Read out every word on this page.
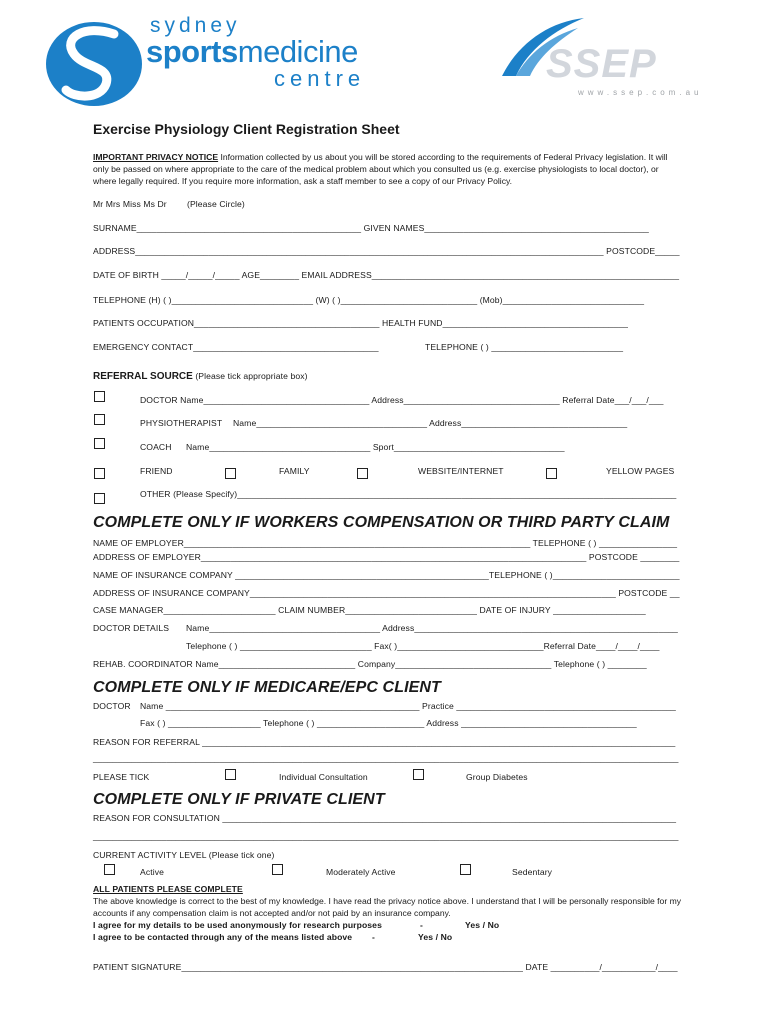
sydney
sportsmedicine
centre	SSEP
www.ssep.com.au
Exercise Physiology Client Registration Sheet
IMPORTANT PRIVACY NOTICE Information collected by us about you will be stored according to the requirements of Federal Privacy legislation. It will only be passed on where appropriate to the care of the medical problem about which you consulted us (e.g. exercise physiologists to local doctor), or where legally required. If you require more information, ask a staff member to see a copy of our Privacy Policy.
Mr Mrs Miss Ms Dr (Please Circle)
SURNAME______________________________________________ GIVEN NAMES______________________________________________
ADDRESS________________________________________________________________________________________________ POSTCODE_____
DATE OF BIRTH _____/_____/_____ AGE________ EMAIL ADDRESS_______________________________________________________________
TELEPHONE (H) ( )_____________________________ (W) ( )____________________________ (Mob)_____________________________
PATIENTS OCCUPATION______________________________________ HEALTH FUND______________________________________
EMERGENCY CONTACT______________________________________	TELEPHONE ( ) ___________________________
REFERRAL SOURCE (Please tick appropriate box)
DOCTOR Name__________________________________ Address________________________________ Referral Date___/___/___
PHYSIOTHERAPIST Name___________________________________ Address__________________________________
COACH Name_________________________________ Sport___________________________________
FRIEND	FAMILY	WEBSITE/INTERNET	YELLOW PAGES
OTHER (Please Specify)__________________________________________________________________________________________
COMPLETE ONLY IF WORKERS COMPENSATION OR THIRD PARTY CLAIM
NAME OF EMPLOYER_______________________________________________________________________ TELEPHONE ( ) ________________
ADDRESS OF EMPLOYER_______________________________________________________________________________ POSTCODE ________
NAME OF INSURANCE COMPANY ____________________________________________________TELEPHONE ( )__________________________
ADDRESS OF INSURANCE COMPANY___________________________________________________________________________ POSTCODE __
CASE MANAGER_______________________ CLAIM NUMBER___________________________ DATE OF INJURY ___________________
DOCTOR DETAILS Name___________________________________ Address______________________________________________________
Telephone ( ) ___________________________ Fax( )______________________________Referral Date____/____/____
REHAB. COORDINATOR Name____________________________ Company________________________________ Telephone ( ) ________
COMPLETE ONLY IF MEDICARE/EPC CLIENT
DOCTOR Name ____________________________________________________ Practice _____________________________________________
Fax ( ) ___________________ Telephone ( ) ______________________ Address ____________________________________
REASON FOR REFERRAL _________________________________________________________________________________________________
________________________________________________________________________________________________________________________
PLEASE TICK	Individual Consultation	Group Diabetes
COMPLETE ONLY IF PRIVATE CLIENT
REASON FOR CONSULTATION _____________________________________________________________________________________________
________________________________________________________________________________________________________________________
CURRENT ACTIVITY LEVEL (Please tick one)
Active	Moderately Active	Sedentary
ALL PATIENTS PLEASE COMPLETE
The above knowledge is correct to the best of my knowledge. I have read the privacy notice above. I understand that I will be personally responsible for my accounts if any compensation claim is not accepted and/or not paid by an insurance company.
I agree for my details to be used anonymously for research purposes	-	Yes / No
I agree to be contacted through any of the means listed above -	Yes / No
PATIENT SIGNATURE______________________________________________________________________ DATE __________/___________/____
